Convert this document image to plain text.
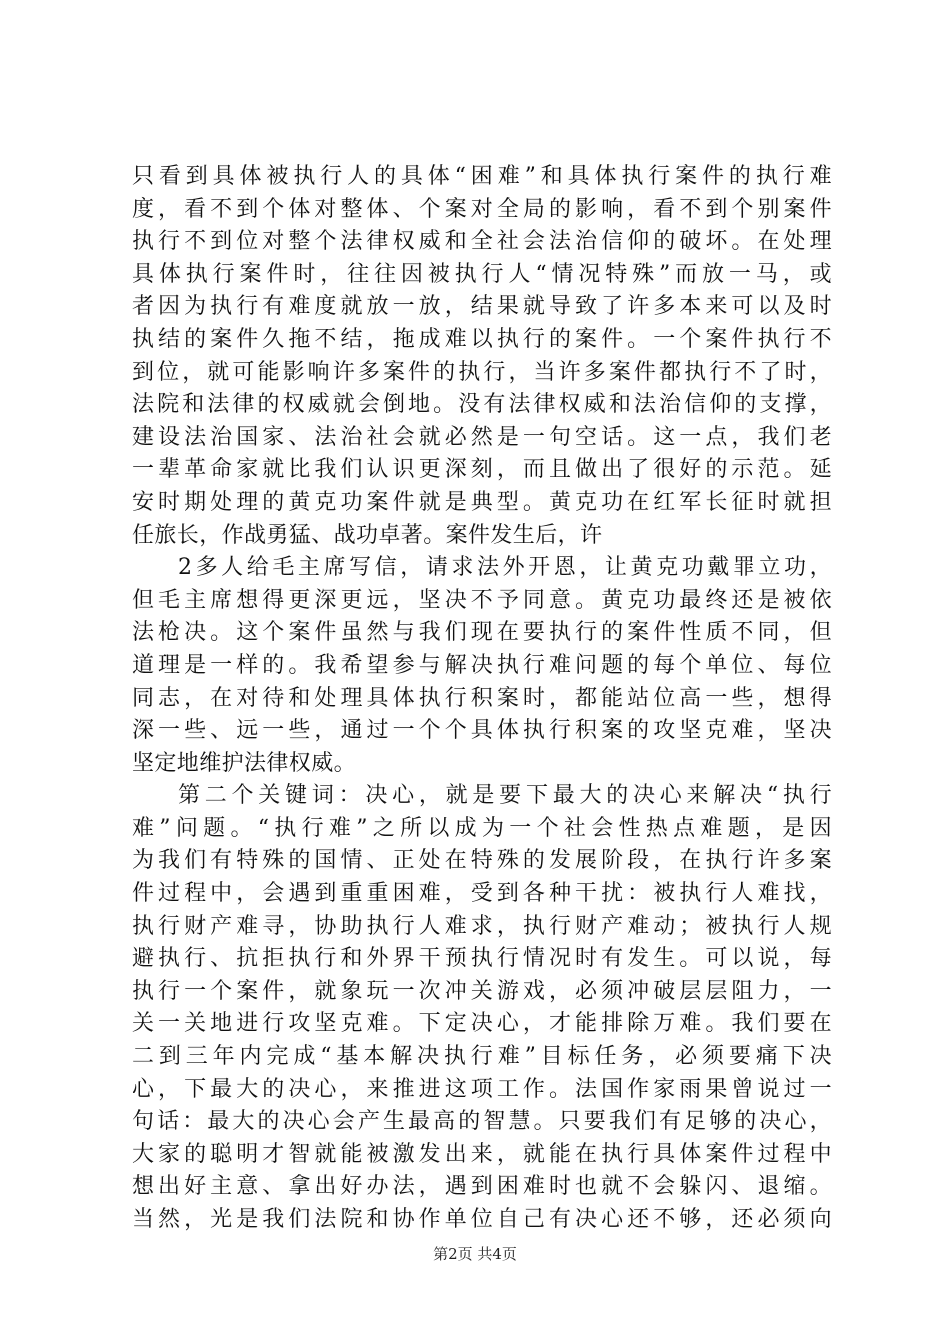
只看到具体被执行人的具体“困难”和具体执行案件的执行难
度，看不到个体对整体、个案对全局的影响，看不到个别案件
执行不到位对整个法律权威和全社会法治信仰的破坏。在处理
具体执行案件时，往往因被执行人“情况特殊”而放一马，或
者因为执行有难度就放一放，结果就导致了许多本来可以及时
执结的案件久拖不结，拖成难以执行的案件。一个案件执行不
到位，就可能影响许多案件的执行，当许多案件都执行不了时，
法院和法律的权威就会倒地。没有法律权威和法治信仰的支撑，
建设法治国家、法治社会就必然是一句空话。这一点，我们老
一辈革命家就比我们认识更深刻，而且做出了很好的示范。延
安时期处理的黄克功案件就是典型。黄克功在红军长征时就担
任旅长，作战勇猛、战功卓著。案件发生后，许
2多人给毛主席写信，请求法外开恩，让黄克功戴罪立功，
但毛主席想得更深更远，坚决不予同意。黄克功最终还是被依
法枪决。这个案件虽然与我们现在要执行的案件性质不同，但
道理是一样的。我希望参与解决执行难问题的每个单位、每位
同志，在对待和处理具体执行积案时，都能站位高一些，想得
深一些、远一些，通过一个个具体执行积案的攻坚克难，坚决
坚定地维护法律权威。
第二个关键词：决心，就是要下最大的决心来解决“执行
难”问题。“执行难”之所以成为一个社会性热点难题，是因
为我们有特殊的国情、正处在特殊的发展阶段，在执行许多案
件过程中，会遇到重重困难，受到各种干扰：被执行人难找，
执行财产难寻，协助执行人难求，执行财产难动；被执行人规
避执行、抗拒执行和外界干预执行情况时有发生。可以说，每
执行一个案件，就象玩一次冲关游戏，必须冲破层层阻力，一
关一关地进行攻坚克难。下定决心，才能排除万难。我们要在
二到三年内完成“基本解决执行难”目标任务，必须要痛下决
心，下最大的决心，来推进这项工作。法国作家雨果曾说过一
句话：最大的决心会产生最高的智慧。只要我们有足够的决心，
大家的聪明才智就能被激发出来，就能在执行具体案件过程中
想出好主意、拿出好办法，遇到困难时也就不会躲闪、退缩。
当然，光是我们法院和协作单位自己有决心还不够，还必须向
第2页 共4页
